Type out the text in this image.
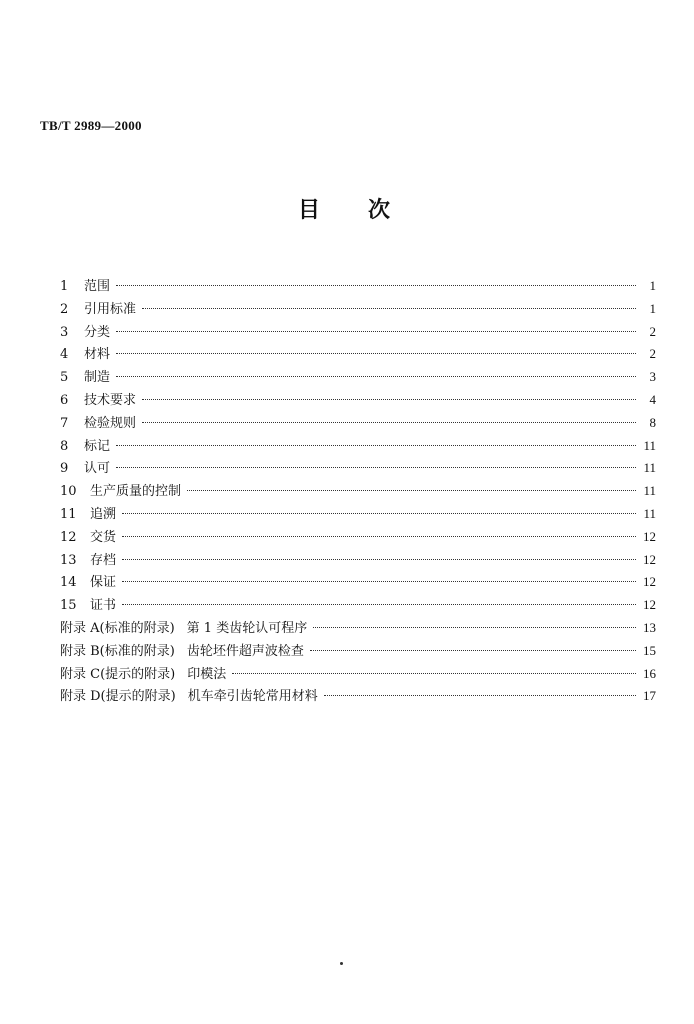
TB/T 2989—2000
目 次
1	范围	1
2	引用标准	1
3	分类	2
4	材料	2
5	制造	3
6	技术要求	4
7	检验规则	8
8	标记	11
9	认可	11
10	生产质量的控制	11
11	追溯	11
12	交货	12
13	存档	12
14	保证	12
15	证书	12
附录 A(标准的附录) 第 1 类齿轮认可程序	13
附录 B(标准的附录) 齿轮坯件超声波检查	15
附录 C(提示的附录) 印模法	16
附录 D(提示的附录) 机车牵引齿轮常用材料	17
